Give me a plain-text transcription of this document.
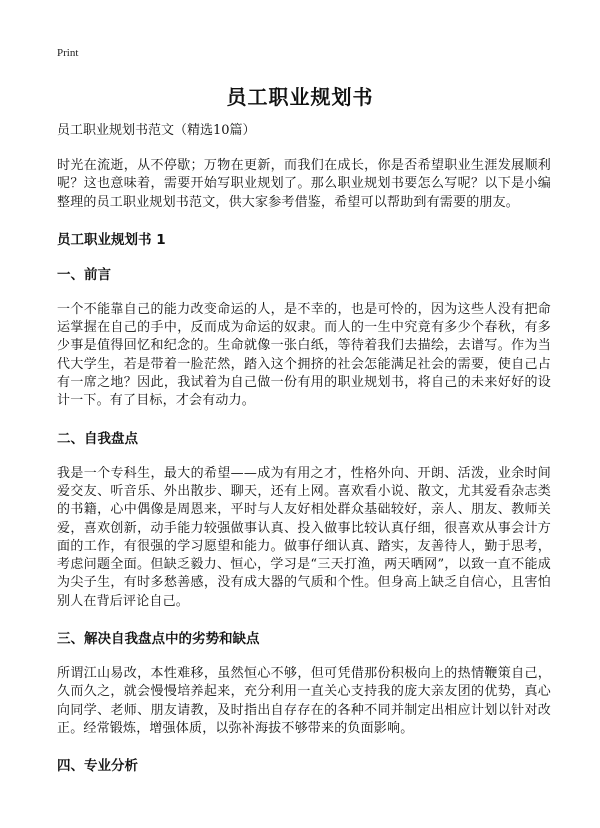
Print
员工职业规划书

员工职业规划书范文（精选10篇）

时光在流逝，从不停歇；万物在更新，而我们在成长，你是否希望职业生涯发展顺利呢？这也意味着，需要开始写职业规划了。那么职业规划书要怎么写呢？以下是小编整理的员工职业规划书范文，供大家参考借鉴，希望可以帮助到有需要的朋友。

员工职业规划书 1

一、前言

一个不能靠自己的能力改变命运的人，是不幸的，也是可怜的，因为这些人没有把命运掌握在自己的手中，反而成为命运的奴隶。而人的一生中究竟有多少个春秋，有多少事是值得回忆和纪念的。生命就像一张白纸，等待着我们去描绘，去谱写。作为当代大学生，若是带着一脸茫然，踏入这个拥挤的社会怎能满足社会的需要，使自己占有一席之地？因此，我试着为自己做一份有用的职业规划书，将自己的未来好好的设计一下。有了目标，才会有动力。

二、自我盘点

我是一个专科生，最大的希望——成为有用之才，性格外向、开朗、活泼，业余时间爱交友、听音乐、外出散步、聊天，还有上网。喜欢看小说、散文，尤其爱看杂志类的书籍，心中偶像是周恩来，平时与人友好相处群众基础较好，亲人、朋友、教师关爱，喜欢创新，动手能力较强做事认真、投入做事比较认真仔细，很喜欢从事会计方面的工作，有很强的学习愿望和能力。做事仔细认真、踏实，友善待人，勤于思考，考虑问题全面。但缺乏毅力、恒心，学习是“三天打渔，两天晒网”，以致一直不能成为尖子生，有时多愁善感，没有成大器的气质和个性。但身高上缺乏自信心，且害怕别人在背后评论自己。

三、解决自我盘点中的劣势和缺点

所谓江山易改，本性难移，虽然恒心不够，但可凭借那份积极向上的热情鞭策自己，久而久之，就会慢慢培养起来，充分利用一直关心支持我的庞大亲友团的优势，真心向同学、老师、朋友请教，及时指出自存存在的各种不同并制定出相应计划以针对改正。经常锻炼，增强体质，以弥补海拔不够带来的负面影响。

四、专业分析
